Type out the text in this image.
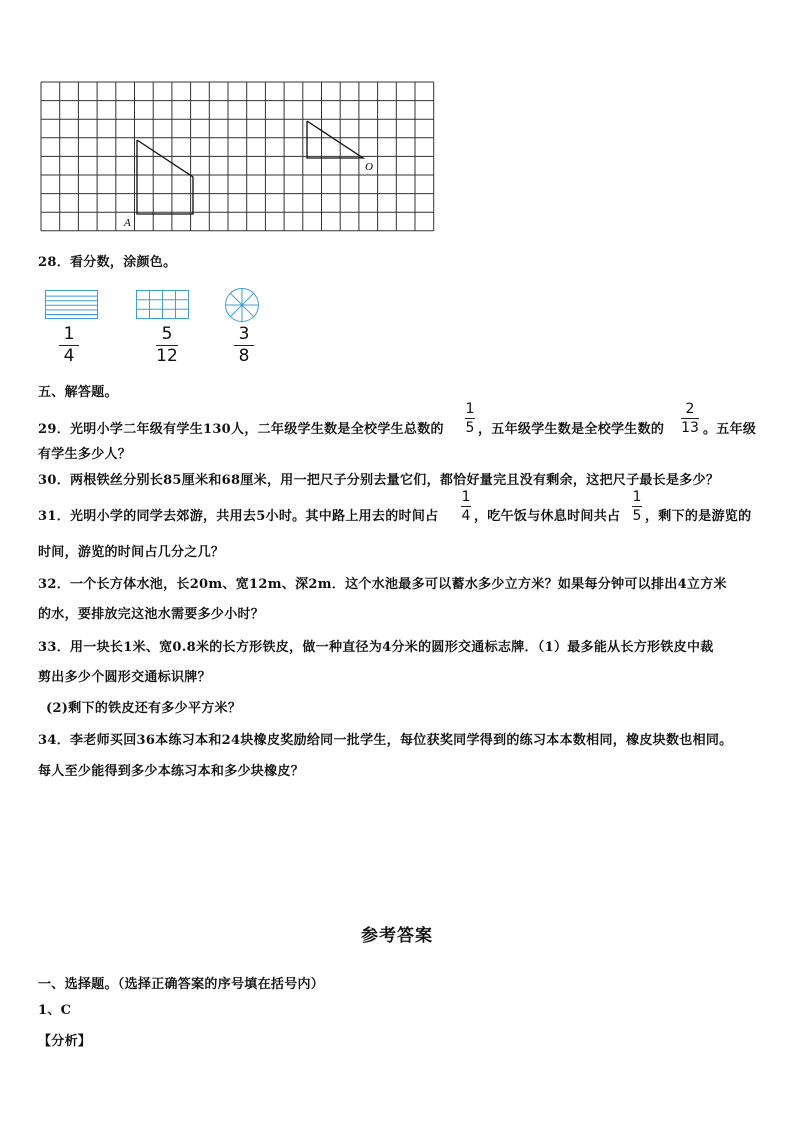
A
O
28．看分数，涂颜色。
1
4
5
12
3
8
五、解答题。
29．光明小学二年级有学生130人，二年级学生数是全校学生总数的
1
5 ，五年级学生数是全校学生数的
2
13 。五年级
有学生多少人？
30．两根铁丝分别长85厘米和68厘米，用一把尺子分别去量它们，都恰好量完且没有剩余，这把尺子最长是多少？
31．光明小学的同学去郊游，共用去5小时。其中路上用去的时间占
1
4 ，吃午饭与休息时间共占
1
5 ，剩下的是游览的
时间，游览的时间占几分之几？
32．一个长方体水池，长20m、宽12m、深2m．这个水池最多可以蓄水多少立方米？如果每分钟可以排出4立方米
的水，要排放完这池水需要多少小时？
33．用一块长1米、宽0.8米的长方形铁皮，做一种直径为4分米的圆形交通标志牌．（1）最多能从长方形铁皮中裁
剪出多少个圆形交通标识牌？
(2)剩下的铁皮还有多少平方米？
34．李老师买回36本练习本和24块橡皮奖励给同一批学生，每位获奖同学得到的练习本本数相同，橡皮块数也相同。
每人至少能得到多少本练习本和多少块橡皮？
参考答案
一、选择题。（选择正确答案的序号填在括号内）
1、C
【分析】
